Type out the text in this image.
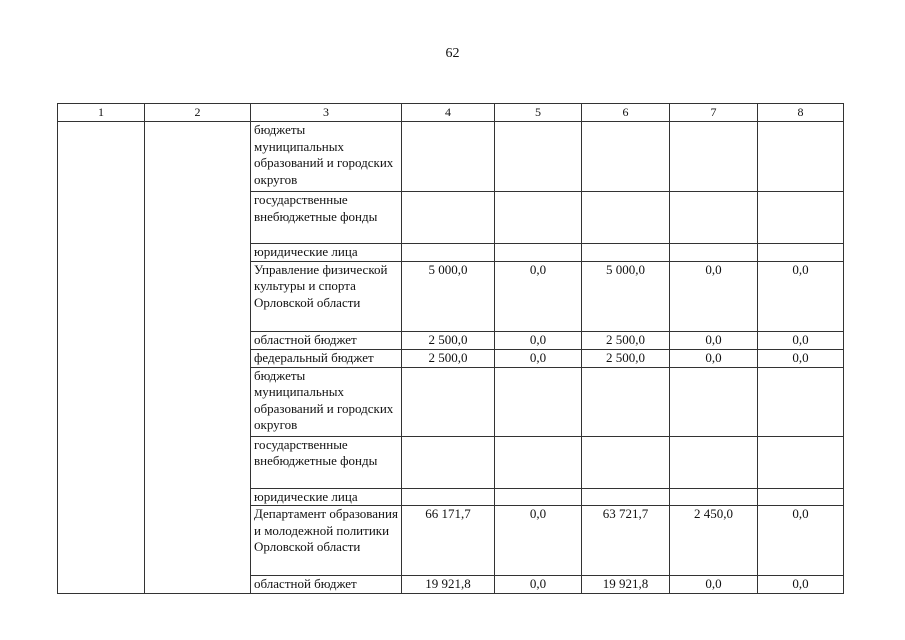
62
1	2	3	4	5	6	7	8
		бюджеты муниципальных образований и городских округов					
		государственные внебюджетные фонды					
		юридические лица					
		Управление физической культуры и спорта Орловской области	5 000,0	0,0	5 000,0	0,0	0,0
		областной бюджет	2 500,0	0,0	2 500,0	0,0	0,0
		федеральный бюджет	2 500,0	0,0	2 500,0	0,0	0,0
		бюджеты муниципальных образований и городских округов					
		государственные внебюджетные фонды					
		юридические лица					
		Департамент образования и молодежной политики Орловской области	66 171,7	0,0	63 721,7	2 450,0	0,0
		областной бюджет	19 921,8	0,0	19 921,8	0,0	0,0
